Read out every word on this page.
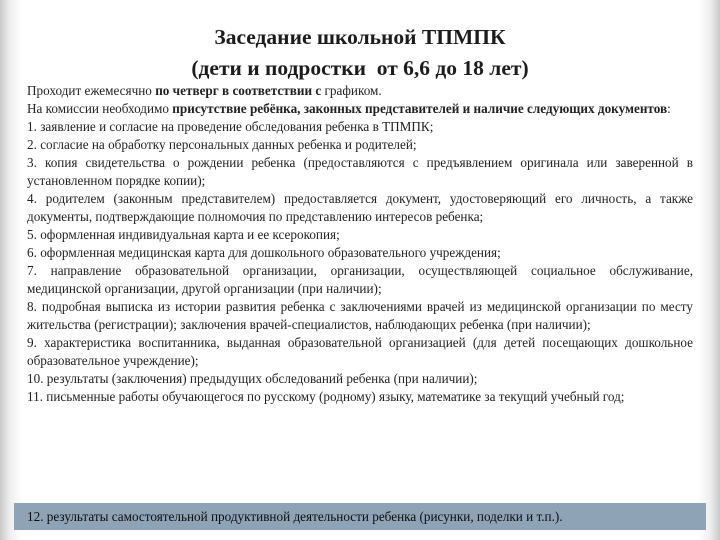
Заседание школьной ТПМПК
(дети и подростки  от 6,6 до 18 лет)

Проходит ежемесячно по четверг в соответствии с графиком.

На комиссии необходимо присутствие ребёнка, законных представителей и наличие следующих документов:

1. заявление и согласие на проведение обследования ребенка в ТПМПК;

2. согласие на обработку персональных данных ребенка и родителей;

3. копия свидетельства о рождении ребенка (предоставляются с предъявлением оригинала или заверенной в установленном порядке копии);

4. родителем (законным представителем) предоставляется документ, удостоверяющий его личность, а также документы, подтверждающие полномочия по представлению интересов ребенка;

5. оформленная индивидуальная карта и ее ксерокопия;

6. оформленная медицинская карта для дошкольного образовательного учреждения;

7. направление образовательной организации, организации, осуществляющей социальное обслуживание, медицинской организации, другой организации (при наличии);

8. подробная выписка из истории развития ребенка с заключениями врачей из медицинской организации по месту жительства (регистрации); заключения врачей-специалистов, наблюдающих ребенка (при наличии);

9. характеристика воспитанника, выданная образовательной организацией (для детей посещающих дошкольное образовательное учреждение);

10. результаты (заключения) предыдущих обследований ребенка (при наличии);

11. письменные работы обучающегося по русскому (родному) языку, математике за текущий учебный год;

12. результаты самостоятельной продуктивной деятельности ребенка (рисунки, поделки и т.п.).
